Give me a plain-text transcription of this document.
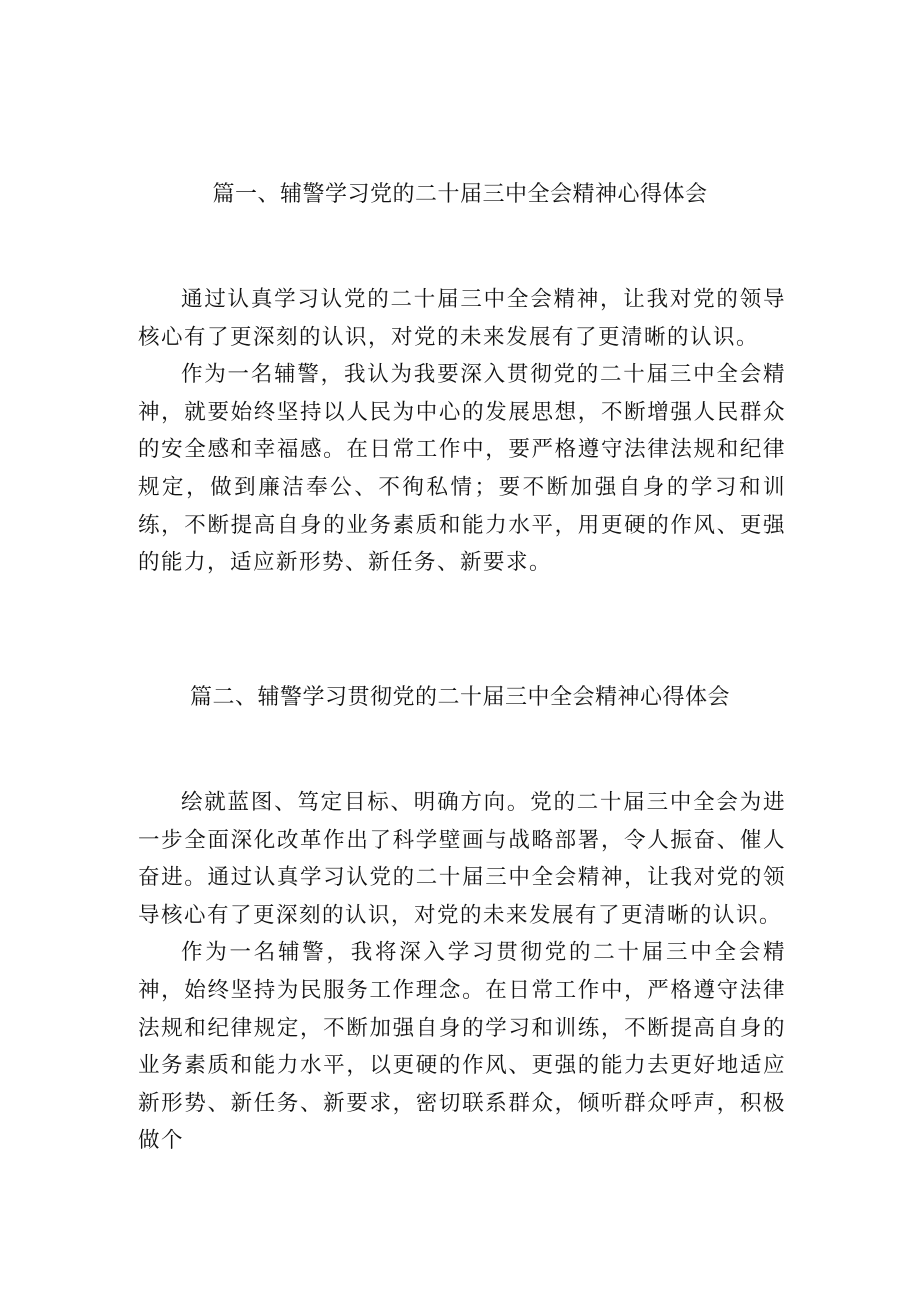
篇一、辅警学习党的二十届三中全会精神心得体会

通过认真学习认党的二十届三中全会精神，让我对党的领导核心有了更深刻的认识，对党的未来发展有了更清晰的认识。

作为一名辅警，我认为我要深入贯彻党的二十届三中全会精神，就要始终坚持以人民为中心的发展思想，不断增强人民群众的安全感和幸福感。在日常工作中，要严格遵守法律法规和纪律规定，做到廉洁奉公、不徇私情；要不断加强自身的学习和训练，不断提高自身的业务素质和能力水平，用更硬的作风、更强的能力，适应新形势、新任务、新要求。

篇二、辅警学习贯彻党的二十届三中全会精神心得体会

绘就蓝图、笃定目标、明确方向。党的二十届三中全会为进一步全面深化改革作出了科学壁画与战略部署，令人振奋、催人奋进。通过认真学习认党的二十届三中全会精神，让我对党的领导核心有了更深刻的认识，对党的未来发展有了更清晰的认识。

作为一名辅警，我将深入学习贯彻党的二十届三中全会精神，始终坚持为民服务工作理念。在日常工作中，严格遵守法律法规和纪律规定，不断加强自身的学习和训练，不断提高自身的业务素质和能力水平，以更硬的作风、更强的能力去更好地适应新形势、新任务、新要求，密切联系群众，倾听群众呼声，积极做个
